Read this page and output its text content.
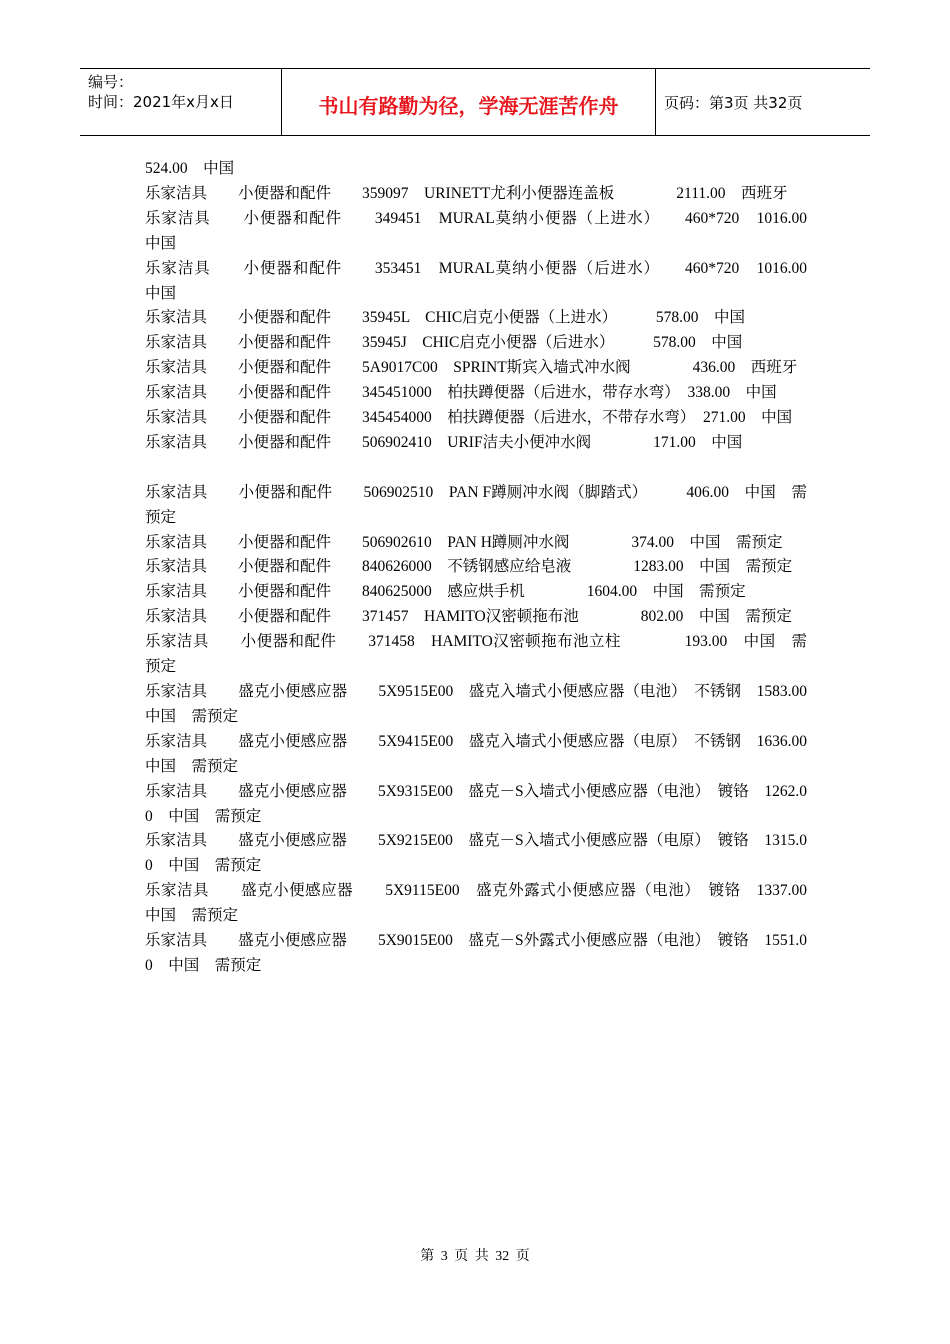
编号：
时间：2021年x月x日	书山有路勤为径，学海无涯苦作舟	页码：第3页 共32页
524.00　中国
乐家洁具　　小便器和配件　　359097　URINETT尤利小便器连盖板　　　　2111.00　西班牙
乐家洁具　　小便器和配件　　349451　MURAL莫纳小便器（上进水）　　460*720　1016.00　中国
乐家洁具　　小便器和配件　　353451　MURAL莫纳小便器（后进水）　　460*720　1016.00　中国
乐家洁具　　小便器和配件　　35945L　CHIC启克小便器（上进水）　　　578.00　中国
乐家洁具　　小便器和配件　　35945J　CHIC启克小便器（后进水）　　　578.00　中国
乐家洁具　　小便器和配件　　5A9017C00　SPRINT斯宾入墙式冲水阀　　　　436.00　西班牙
乐家洁具　　小便器和配件　　345451000　柏扶蹲便器（后进水，带存水弯）　338.00　中国
乐家洁具　　小便器和配件　　345454000　柏扶蹲便器（后进水，不带存水弯）　271.00　中国
乐家洁具　　小便器和配件　　506902410　URIF洁夫小便冲水阀　　　　171.00　中国
乐家洁具　　小便器和配件　　506902510　PAN F蹲厕冲水阀（脚踏式）　　　406.00　中国　需预定
乐家洁具　　小便器和配件　　506902610　PAN H蹲厕冲水阀　　　　374.00　中国　需预定
乐家洁具　　小便器和配件　　840626000　不锈钢感应给皂液　　　　1283.00　中国　需预定
乐家洁具　　小便器和配件　　840625000　感应烘手机　　　　1604.00　中国　需预定
乐家洁具　　小便器和配件　　371457　HAMITO汉密顿拖布池　　　　802.00　中国　需预定
乐家洁具　　小便器和配件　　371458　HAMITO汉密顿拖布池立柱　　　　193.00　中国　需预定
乐家洁具　　盛克小便感应器　　5X9515E00　盛克入墙式小便感应器（电池）　不锈钢　1583.00　中国　需预定
乐家洁具　　盛克小便感应器　　5X9415E00　盛克入墙式小便感应器（电原）　不锈钢　1636.00　中国　需预定
乐家洁具　　盛克小便感应器　　5X9315E00　盛克－S入墙式小便感应器（电池）　镀铬　1262.00　中国　需预定
乐家洁具　　盛克小便感应器　　5X9215E00　盛克－S入墙式小便感应器（电原）　镀铬　1315.00　中国　需预定
乐家洁具　　盛克小便感应器　　5X9115E00　盛克外露式小便感应器（电池）　镀铬　1337.00　中国　需预定
乐家洁具　　盛克小便感应器　　5X9015E00　盛克－S外露式小便感应器（电池）　镀铬　1551.00　中国　需预定
第 3 页 共 32 页
